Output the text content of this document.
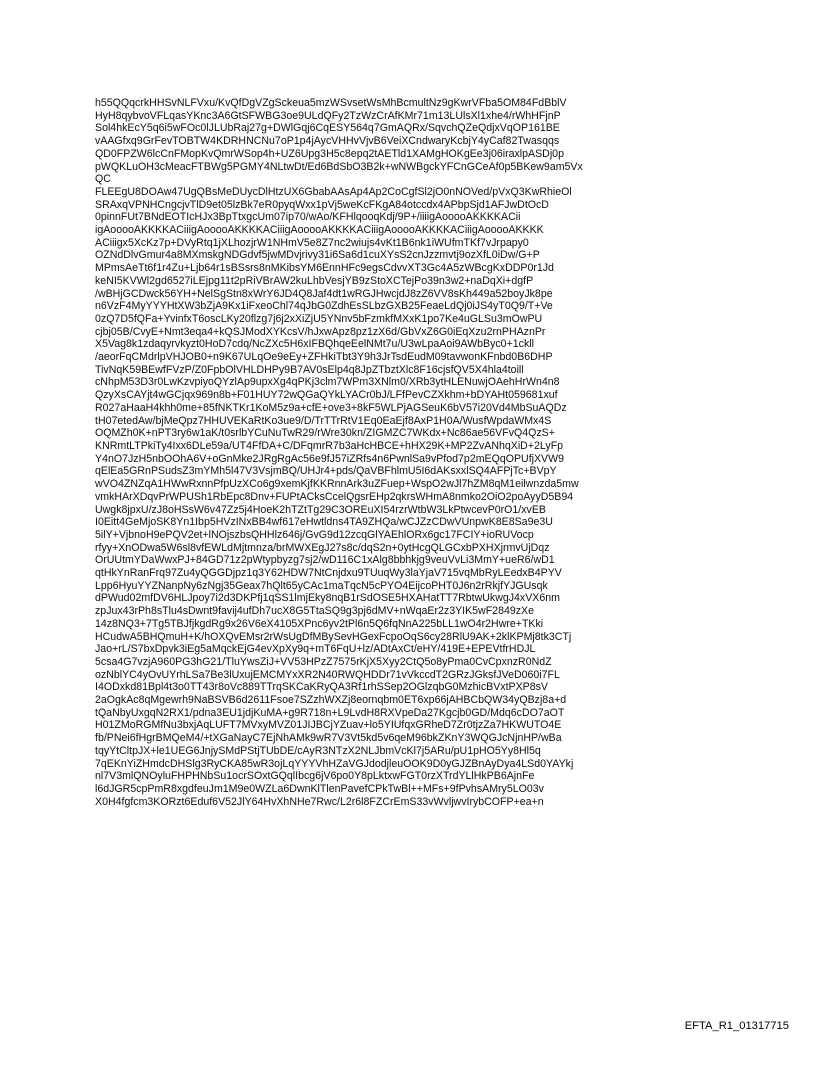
h55QQqcrkHHSvNLFVxu/KvQfDgVZgSckeua5mzWSvsetWsMhBcmultNz9gKwrVFba5OM84FdBblV
HyH8qybvoVFLqasYKnc3A6GtSFWBG3oe9ULdQFy2TzWzCrAfKMr71m13LUlsXl1xhe4/rWhHFjnP
Sol4hkEcY5q6i5wFOc0lJLUbRaj27g+DWlGqj6CqESY564q7GmAQRx/SqvchQZeQdjxVqOP161BE
vAAGfxq9GrFevTOBTW4KDRHNCNu7oP1p4jAycVHHvVjvB6VeiXCndwaryKcbjY4yCaf82Twasqqs
QD0FPZW6lcCnFMopKvQmrWSop4h+UZ6Upg3H5c8epq2tAETld1XAMgHOKgEe3j06iraxlpASDj0p
pWQKLuOH3cMeacFTBWg5PGMY4NLtwDt/Ed6BdSbO3B2k+wNWBgckYFCnGCeAf0p5BKew9am5Vx
QC
FLEEgU8DOAw47UgQBsMeDUycDlHtzUX6GbabAAsAp4Ap2CoCgfSl2jO0nNOVed/pVxQ3KwRhieOl
SRAxqVPNHCngcjvTlD9et05lzBk7eR0pyqWxx1pVj5weKcFKgA84otccdx4APbpSjd1AFJwDtOcD
0pinnFUt7BNdEOTIcHJx3BpTtxgcUm07ip70/wAo/KFHlqooqKdj/9P+/iiiigAooooAKKKKACii
igAooooAKKKKACiiigAooooAKKKKACiiigAooooAKKKKACiiigAooooAKKKKACiiigAooooAKKKK
ACiiigx5XcKz7p+DVyRtq1jXLhozjrW1NHmV5e8Z7nc2wiujs4vKt1B6nk1iWUfmTKf7vJrpapy0
OZNdDlvGmur4a8MXmskgNDGdvf5jwMDvjrivy31i6Sa6d1cuXYsS2cnJzzmvtj9ozXfL0iDw/G+P
MPmsAeTt6f1r4Zu+Ljb64r1sBSsrs8nMKibsYM6EnnHFc9egsCdvvXT3Gc4A5zWBcgKxDDP0r1Jd
keNI5KVWl2gd6527iLEjpg11t2pRiVBrAW2kuLhbVesjYB9zStoXCTejPo39n3w2+naDqXi+dgfP
/wBHjGCDwck56YH+NelSgStn8xWrY6JD4Q8Jaf4dt1wRGJHwcjdJ8zZ6VV8sKh449a52boyJk8pe
n6VzF4MyYYYHtXW3bZjA9Kx1iFxeoChl74qJbG0ZdhEsSLbzGXB25FeaeLdQj0iJS4yT0Q9/T+Ve
0zQ7D5fQFa+YvinfxT6oscLKy20flzg7j6j2xXiZjU5YNnv5bFzmkfMXxK1po7Ke4uGLSu3mOwPU
cjbj05B/CvyE+Nmt3eqa4+kQSJModXYKcsV/hJxwApz8pz1zX6d/GbVxZ6G0iEqXzu2rnPHAznPr
X5Vag8k1zdaqyrvkyzt0HoD7cdq/NcZXc5H6xIFBQhqeEelNMt7u/U3wLpaAoi9AWbByc0+1ckll
/aeorFqCMdrlpVHJOB0+n9K67ULqOe9eEy+ZFHkiTbt3Y9h3JrTsdEudM09tavwonKFnbd0B6DHP
TivNqK59BEwfFVzP/Z0FpbOlVHLDHPy9B7AV0sElp4q8JpZTbztXlc8F16cjsfQV5X4hla4toill
cNhpM53D3r0LwKzvpiyoQYzlAp9upxXg4qPKj3clm7WPm3XNlm0/XRb3ytHLENuwjOAehHrWn4n8
QzyXsCAYjt4wGCjqx969n8b+F01HUY72wQGaQYkLYACr0bJ/LFfPevCZXkhm+bDYAHt059681xuf
R027aHaaH4khh0me+85fNKTKr1KoM5z9a+cfE+ove3+8kF5WLPjAGSeuK6bV57i20Vd4MbSuAQDz
tH07etedAw/bjMeQpz7HHUVEKaRtKo3ue9/D/TrTTrRtV1Eq0EaEjf8AxP1H0A/WusfWpdaWMx4S
OQMZh0K+nPT3ry6w1aK/t0srlbYCuNuTwR29/rWre30kn/ZIGMZC7WKdx+Nc86ae56VFvQ4QzS+
KNRmtLTPkiTy4Ixx6DLe59a/UT4FfDA+C/DFqmrR7b3aHcHBCE+hHX29K+MP2ZvANhqXiD+2LyFp
Y4nO7JzH5nbOOhA6V+oGnMke2JRgRgAc56e9fJ57iZRfs4n6PwnlSa9vPfod7p2mEQqOPUfjXVW9
qElEa5GRnPSudsZ3mYMh5l47V3VsjmBQ/UHJr4+pds/QaVBFhlmU5I6dAKsxxlSQ4AFPjTc+BVpY
wVO4ZNZqA1HWwRxnnPfpUzXCo6g9xemKjfKKRnnArk3uZFuep+WspO2wJl7hZM8qM1eilwnzda5mw
vmkHArXDqvPrWPUSh1RbEpc8Dnv+FUPtACksCcelQgsrEHp2qkrsWHmA8nmko2OiO2poAyyD5B94
Uwgk8jpxU/zJ8oHSsW6v47Zz5j4HoeK2hTZtTg29C3OREuXI54rzrWtbW3LkPtwcevP0rO1/xvEB
I0Eitt4GeMjoSK8Yn1Ibp5HVzINxBB4wf617eHwtldns4TA9ZHQa/wCJZzCDwVUnpwK8E8Sa9e3U
5ilY+VjbnoH9ePQV2et+lNOjszbsQHHlz646j/GvG9d12zcqGlYAEhlORx6gc17FCIY+ioRUVocp
rfyy+XnODwa5W6sl8vfEWLdMjtmnza/brMWXEgJ27s8c/dqS2n+0ytHcgQLGCxbPXHXjrmvUjDqz
OrUUtmYDaWwxPJ+84GD71z2pWtypbyzg7sj2/wD116C1xAlg8bbhkjg9veuVvLi3MmY+ueR6/wD1
qtHkYnRanFrq97Zu4yQGGDjpz1q3Y62HDW7NtCnjdxu9TUuqWy3laYjaV715vqMbRyLEedxB4PYV
Lpp6HyuYYZNanpNy6zNgj35Geax7hQlt65yCAc1maTqcN5cPYO4EijcoPHT0J6n2rRkjfYJGUsqk
dPWud02mfDV6HLJpoy7i2d3DKPfj1qSS1lmjEky8nqB1rSdOSE5HXAHatTT7RbtwUkwgJ4xVX6nm
zpJux43rPh8sTlu4sDwnt9favij4ufDh7ucX8G5TtaSQ9g3pj6dMV+nWqaEr2z3YIK5wF2849zXe
14z8NQ3+7Tg5TBJfjkgdRg9x26V6eX4105XPnc6yv2tPl6n5Q6fqNnA225bLL1wO4r2Hwre+TKki
HCudwA5BHQmuH+K/hOXQvEMsr2rWsUgDfMBySevHGexFcpoOqS6cy28RlU9AK+2klKPMj8tk3CTj
Jao+rL/S7bxDpvk3iEg5aMqckEjG4evXpXy9q+mT6FqU+lz/ADtAxCt/eHY/419E+EPEVtfrHDJL
5csa4G7vzjA960PG3hG21/TluYwsZiJ+VV53HPzZ7575rKjX5Xyy2CtQ5o8yPma0CvCpxnzR0NdZ
ozNblYC4yOvUYrhLSa7Be3lUxujEMCMYxXR2N40RWQHDDr71vVkccdT2GRzJGksfJVeD060i7FL
I4ODxkd81Bpl4t3o0TT43r8oVc889TTrqSKCaKRyQA3Rf1rhSSep2OGlzqbG0MzhicBVxtPXP8sV
2aOgkAc8qMgewrh9NaBSVB6d2611Fsoe7SZzhWXZj8eornqbm0ET6xp66jAHBCbQW34yQBzj8a+d
tQaNbyUxgqN2RX1/pdna3EU1jdjKuMA+g9R718n+L9LvdH8RXVpeDa27Kgcjb0GD/Mdq6cDO7aOT
H01ZMoRGMfNu3bxjAqLUFT7MVxyMVZ01JIJBCjYZuav+lo5YIUfqxGRheD7Zr0tjzZa7HKWUTO4E
fb/PNei6fHgrBMQeM4/+tXGaNayC7EjNhAMk9wR7V3Vt5kd5v6qeM96bkZKnY3WQGJcNjnHP/wBa
tqyYtCltpJX+le1UEG6JnjySMdPStjTUbDE/cAyR3NTzX2NLJbmVcKl7j5ARu/pU1pHO5Yy8Hl5q
7qEKnYiZHmdcDHSlg3RyCKA85wR3ojLqYYYVhHZaVGJdodjleuOOK9D0yGJZBnAyDya4LSd0YAYkj
nl7V3mlQNOyluFHPHNbSu1ocrSOxtGQqlIbcg6jV6po0Y8pLktxwFGT0rzXTrdYLlHkPB6AjnFe
l6dJGR5cpPmR8xgdfeuJm1M9e0WZLa6DwnKlTlenPavefCPkTwBl++MFs+9fPvhsAMry5LO03v
X0H4fgfcm3KORzt6Eduf6V52JlY64HvXhNHe7Rwc/L2r6l8FZCrEmS33vWvljwvIrybCOFP+ea+n
EFTA_R1_01317715
